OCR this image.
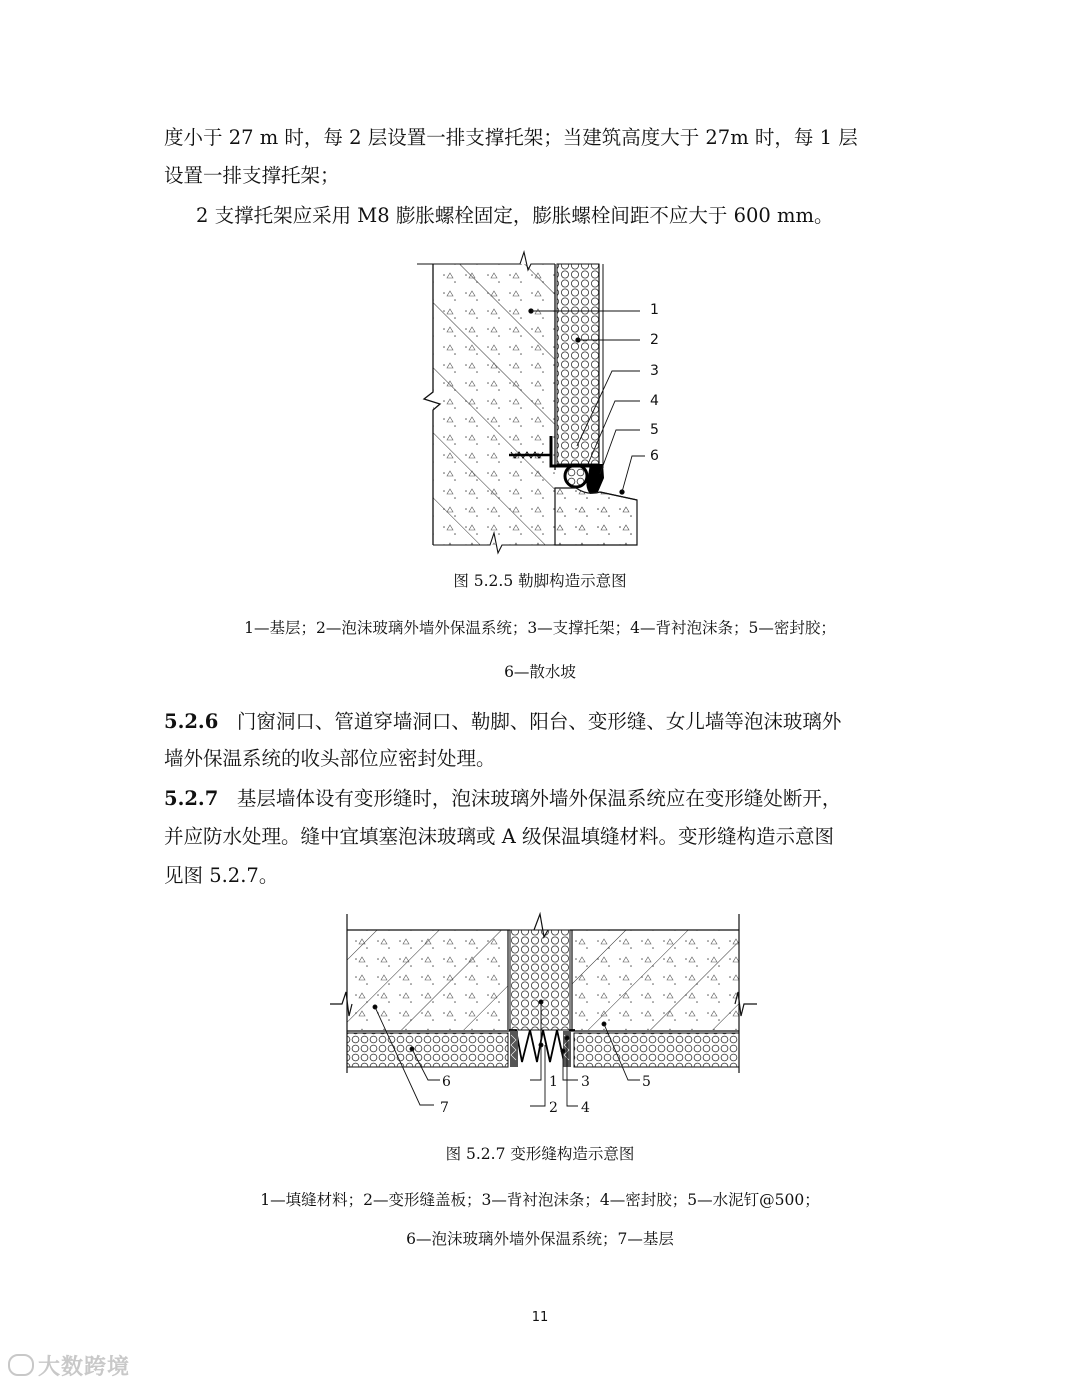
度小于 27 m 时，每 2 层设置一排支撑托架；当建筑高度大于 27m 时，每 1 层

设置一排支撑托架；

2 支撑托架应采用 M8 膨胀螺栓固定，膨胀螺栓间距不应大于 600 mm。

1
2
3
4
5
6

图 5.2.5 勒脚构造示意图

1—基层；2—泡沫玻璃外墙外保温系统；3—支撑托架；4—背衬泡沫条；5—密封胶；

6—散水坡

5.2.6 门窗洞口、管道穿墙洞口、勒脚、阳台、变形缝、女儿墙等泡沫玻璃外

墙外保温系统的收头部位应密封处理。

5.2.7 基层墙体设有变形缝时，泡沫玻璃外墙外保温系统应在变形缝处断开，

并应防水处理。缝中宜填塞泡沫玻璃或 A 级保温填缝材料。变形缝构造示意图

见图 5.2.7。

6
7
1
2
3
4
5

图 5.2.7 变形缝构造示意图

1—填缝材料；2—变形缝盖板；3—背衬泡沫条；4—密封胶；5—水泥钉@500；

6—泡沫玻璃外墙外保温系统；7—基层

11

大数跨境
